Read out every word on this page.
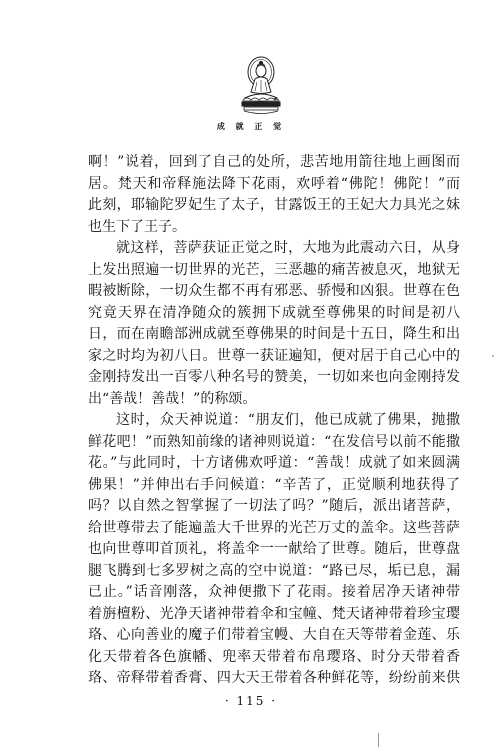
成 就 正 觉
啊！”说着，回到了自己的处所，悲苦地用箭往地上画图而
居。梵天和帝释施法降下花雨，欢呼着“佛陀！佛陀！”而
此刻，耶输陀罗妃生了太子，甘露饭王的王妃大力具光之妹
也生下了王子。
就这样，菩萨获证正觉之时，大地为此震动六日，从身
上发出照遍一切世界的光芒，三恶趣的痛苦被息灭，地狱无
暇被断除，一切众生都不再有邪恶、骄慢和凶狠。世尊在色
究竟天界在清净随众的簇拥下成就至尊佛果的时间是初八
日，而在南瞻部洲成就至尊佛果的时间是十五日，降生和出
家之时均为初八日。世尊一获证遍知，便对居于自己心中的
金刚持发出一百零八种名号的赞美，一切如来也向金刚持发
出“善哉！善哉！”的称颂。
这时，众天神说道：“朋友们，他已成就了佛果，抛撒
鲜花吧！”而熟知前缘的诸神则说道：“在发信号以前不能撒
花。”与此同时，十方诸佛欢呼道：“善哉！成就了如来圆满
佛果！”并伸出右手问候道：“辛苦了，正觉顺利地获得了
吗？以自然之智掌握了一切法了吗？”随后，派出诸菩萨，
给世尊带去了能遍盖大千世界的光芒万丈的盖伞。这些菩萨
也向世尊叩首顶礼，将盖伞一一献给了世尊。随后，世尊盘
腿飞腾到七多罗树之高的空中说道：“路已尽，垢已息，漏
已止。”话音刚落，众神便撒下了花雨。接着居净天诸神带
着旃檀粉、光净天诸神带着伞和宝幢、梵天诸神带着珍宝璎
珞、心向善业的魔子们带着宝幔、大自在天等带着金莲、乐
化天带着各色旗幡、兜率天带着布帛璎珞、时分天带着香
珞、帝释带着香膏、四大天王带着各种鲜花等，纷纷前来供
· 115 ·
